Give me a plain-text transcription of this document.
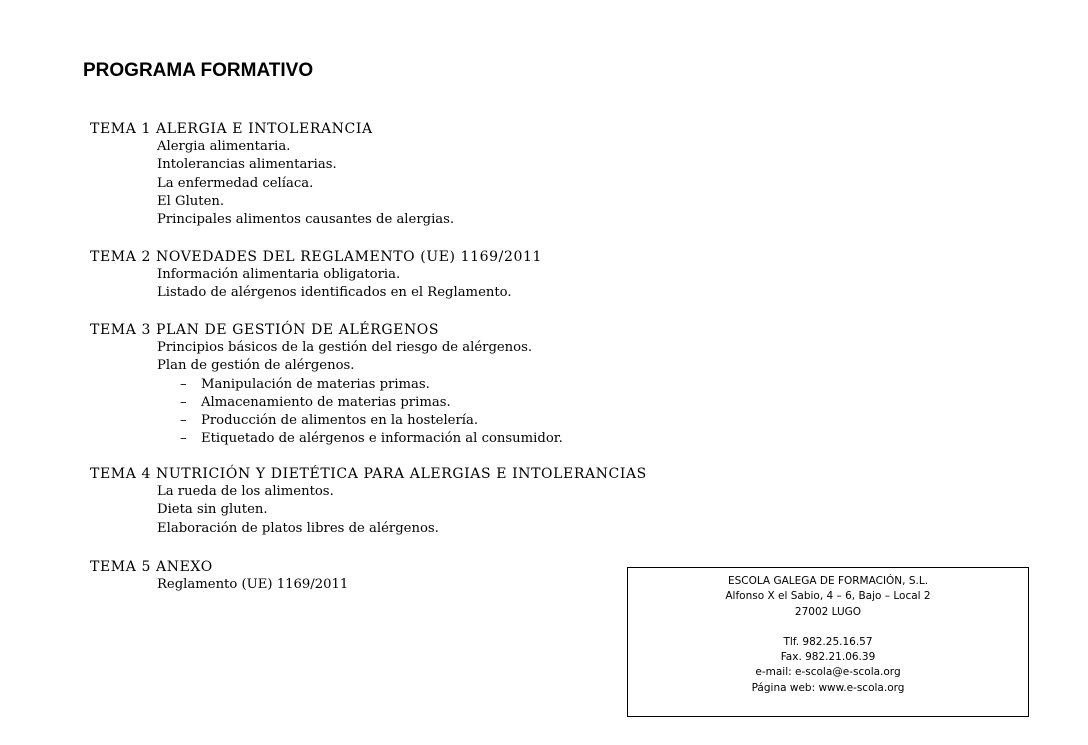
PROGRAMA FORMATIVO
TEMA 1 ALERGIA E INTOLERANCIA
Alergia alimentaria.
Intolerancias alimentarias.
La enfermedad celíaca.
El Gluten.
Principales alimentos causantes de alergias.
TEMA 2 NOVEDADES DEL REGLAMENTO (UE) 1169/2011
Información alimentaria obligatoria.
Listado de alérgenos identificados en el Reglamento.
TEMA 3 PLAN DE GESTIÓN DE ALÉRGENOS
Principios básicos de la gestión del riesgo de alérgenos.
Plan de gestión de alérgenos.
– Manipulación de materias primas.
– Almacenamiento de materias primas.
– Producción de alimentos en la hostelería.
– Etiquetado de alérgenos e información al consumidor.
TEMA 4 NUTRICIÓN Y DIETÉTICA PARA ALERGIAS E INTOLERANCIAS
La rueda de los alimentos.
Dieta sin gluten.
Elaboración de platos libres de alérgenos.
TEMA 5 ANEXO
Reglamento (UE) 1169/2011	ESCOLA GALEGA DE FORMACIÓN, S.L.
Alfonso X el Sabio, 4 – 6, Bajo – Local 2
27002 LUGO
Tlf. 982.25.16.57
Fax. 982.21.06.39
e-mail: e-scola@e-scola.org
Página web: www.e-scola.org
